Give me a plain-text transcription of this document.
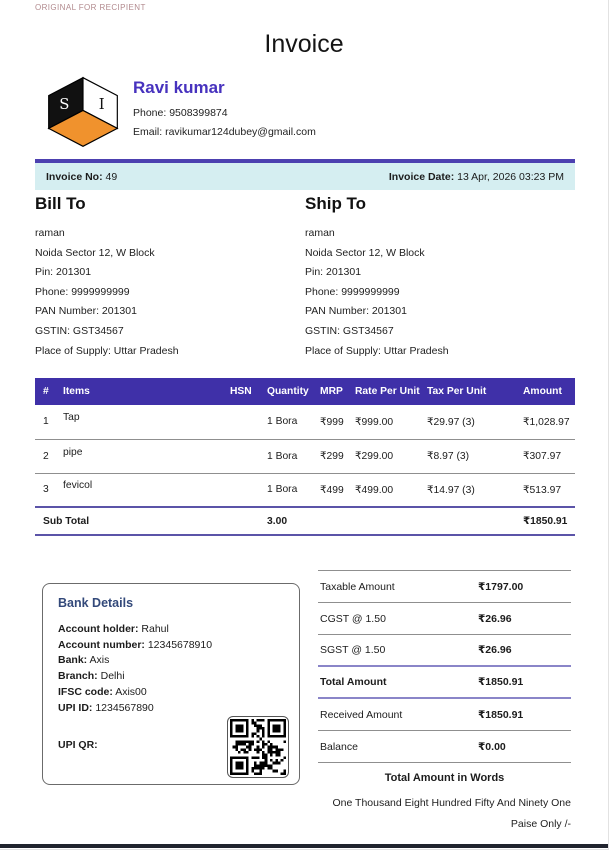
ORIGINAL FOR RECIPIENT
Invoice
S I
Ravi kumar
Phone: 9508399874
Email: ravikumar124dubey@gmail.com
Invoice No: 49	Invoice Date: 13 Apr, 2026 03:23 PM
Bill To
raman
Noida Sector 12, W Block
Pin: 201301
Phone: 9999999999
PAN Number: 201301
GSTIN: GST34567
Place of Supply: Uttar Pradesh
Ship To
raman
Noida Sector 12, W Block
Pin: 201301
Phone: 9999999999
PAN Number: 201301
GSTIN: GST34567
Place of Supply: Uttar Pradesh
#	Items	HSN	Quantity	MRP	Rate Per Unit	Tax Per Unit	Amount
1	Tap		1 Bora	₹999	₹999.00	₹29.97 (3)	₹1,028.97
2	pipe		1 Bora	₹299	₹299.00	₹8.97 (3)	₹307.97
3	fevicol		1 Bora	₹499	₹499.00	₹14.97 (3)	₹513.97
Sub Total			3.00				₹1850.91
Bank Details
Account holder: Rahul
Account number: 12345678910
Bank: Axis
Branch: Delhi
IFSC code: Axis00
UPI ID: 1234567890
UPI QR:
Taxable Amount	₹1797.00
CGST @ 1.50	₹26.96
SGST @ 1.50	₹26.96
Total Amount	₹1850.91
Received Amount	₹1850.91
Balance	₹0.00
Total Amount in Words
One Thousand Eight Hundred Fifty And Ninety One Paise Only /-
